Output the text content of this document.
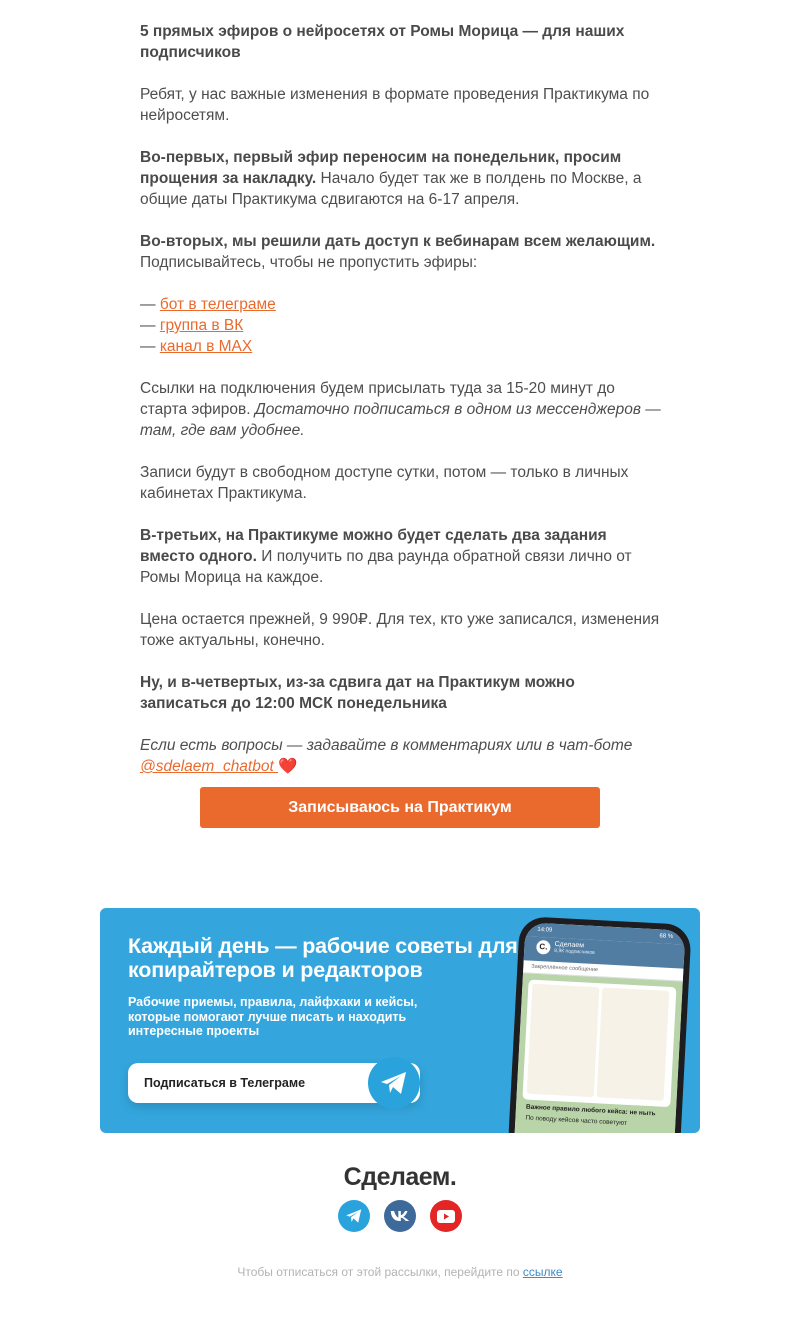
5 прямых эфиров о нейросетях от Ромы Морица — для наших подписчиков

Ребят, у нас важные изменения в формате проведения Практикума по нейросетям.

Во-первых, первый эфир переносим на понедельник, просим прощения за накладку. Начало будет так же в полдень по Москве, а общие даты Практикума сдвигаются на 6-17 апреля.

Во-вторых, мы решили дать доступ к вебинарам всем желающим. Подписывайтесь, чтобы не пропустить эфиры:

— бот в телеграме

— группа в ВК

— канал в MAX

Ссылки на подключения будем присылать туда за 15-20 минут до старта эфиров. Достаточно подписаться в одном из мессенджеров — там, где вам удобнее.

Записи будут в свободном доступе сутки, потом — только в личных кабинетах Практикума.

В-третьих, на Практикуме можно будет сделать два задания вместо одного. И получить по два раунда обратной связи лично от Ромы Морица на каждое.

Цена остается прежней, 9 990₽. Для тех, кто уже записался, изменения тоже актуальны, конечно.

Ну, и в-четвертых, из-за сдвига дат на Практикум можно записаться до 12:00 МСК понедельника

Если есть вопросы — задавайте в комментариях или в чат-боте @sdelaem_chatbot ❤️

Записываюсь на Практикум
Каждый день — рабочие советы для копирайтеров и редакторов
Рабочие приемы, правила, лайфхаки и кейсы, которые помогают лучше писать и находить интересные проекты
Подписаться в Телеграме
14:09
68 %
С. Сделаем
8,9К подписчиков
Закреплённое сообщение
Важное правило любого кейса: не ныть
По поводу кейсов часто советуют
Сделаем.
Чтобы отписаться от этой рассылки, перейдите по ссылке
